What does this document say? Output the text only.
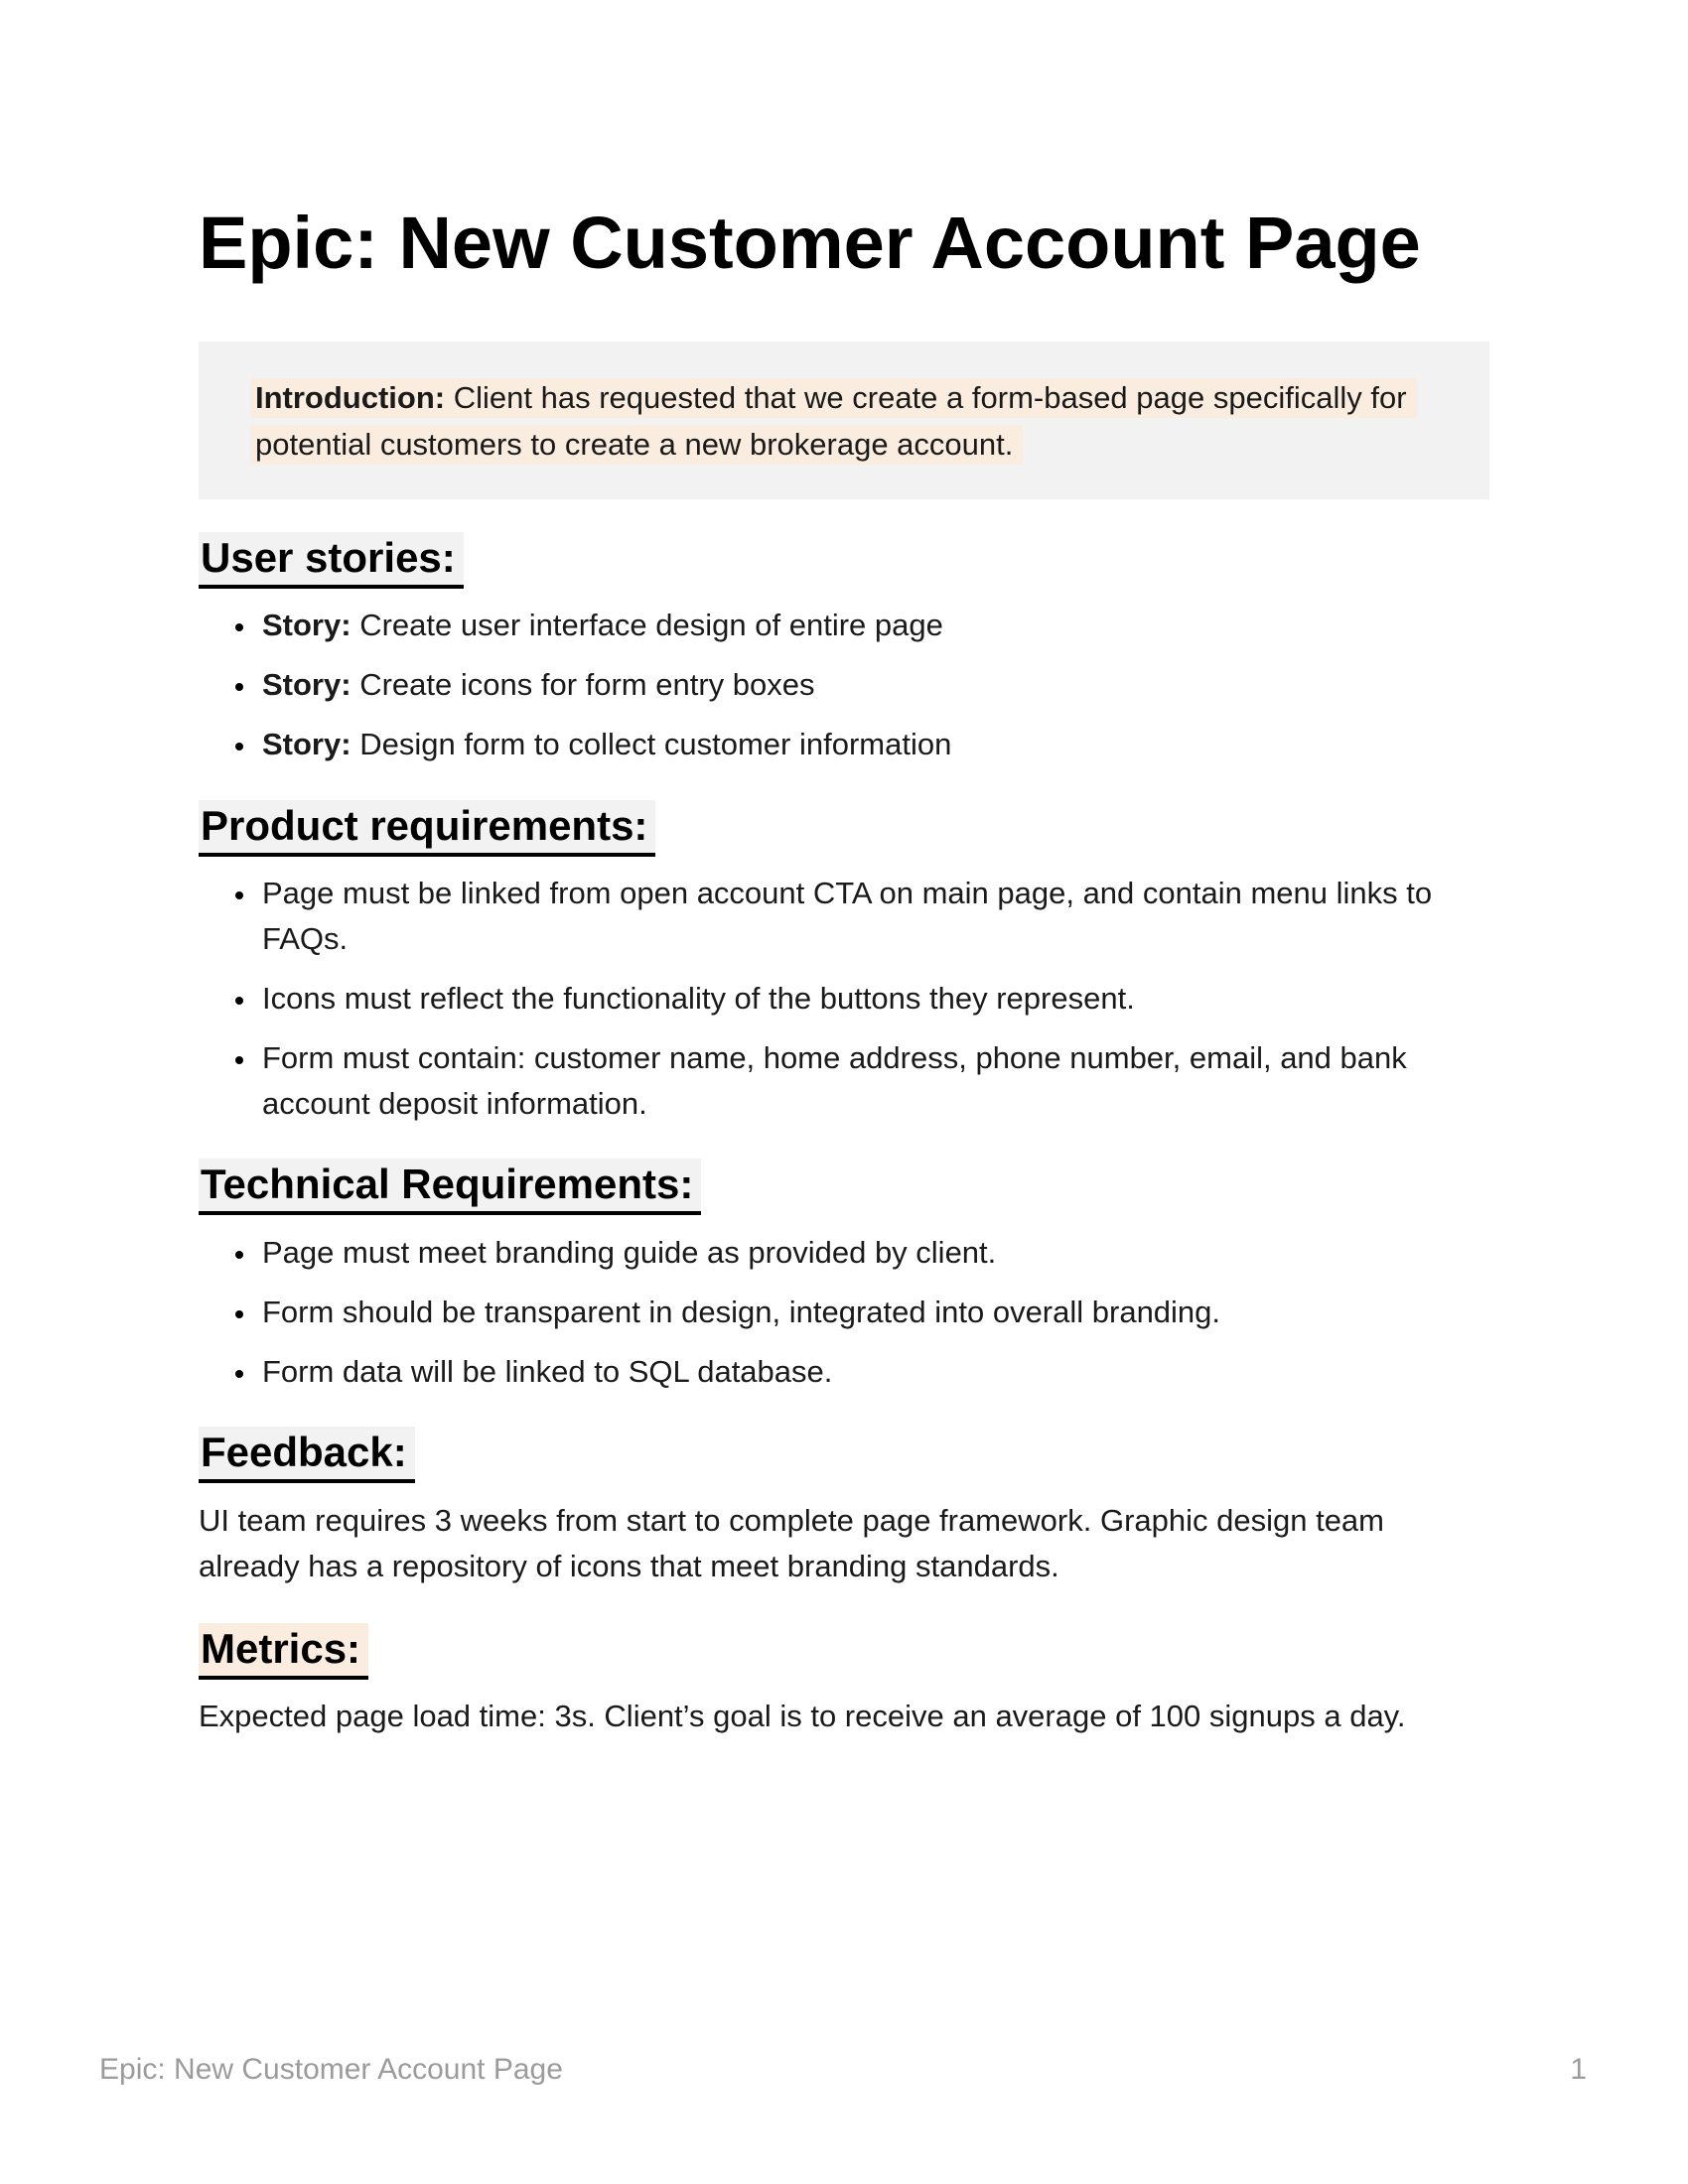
Epic: New Customer Account Page
Introduction: Client has requested that we create a form-based page specifically for
potential customers to create a new brokerage account.
User stories:
• Story: Create user interface design of entire page
• Story: Create icons for form entry boxes
• Story: Design form to collect customer information
Product requirements:
• Page must be linked from open account CTA on main page, and contain menu links to FAQs.
• Icons must reflect the functionality of the buttons they represent.
• Form must contain: customer name, home address, phone number, email, and bank account deposit information.
Technical Requirements:
• Page must meet branding guide as provided by client.
• Form should be transparent in design, integrated into overall branding.
• Form data will be linked to SQL database.
Feedback:

UI team requires 3 weeks from start to complete page framework. Graphic design team already has a repository of icons that meet branding standards.

Metrics:

Expected page load time: 3s. Client’s goal is to receive an average of 100 signups a day.

Epic: New Customer Account Page	1
